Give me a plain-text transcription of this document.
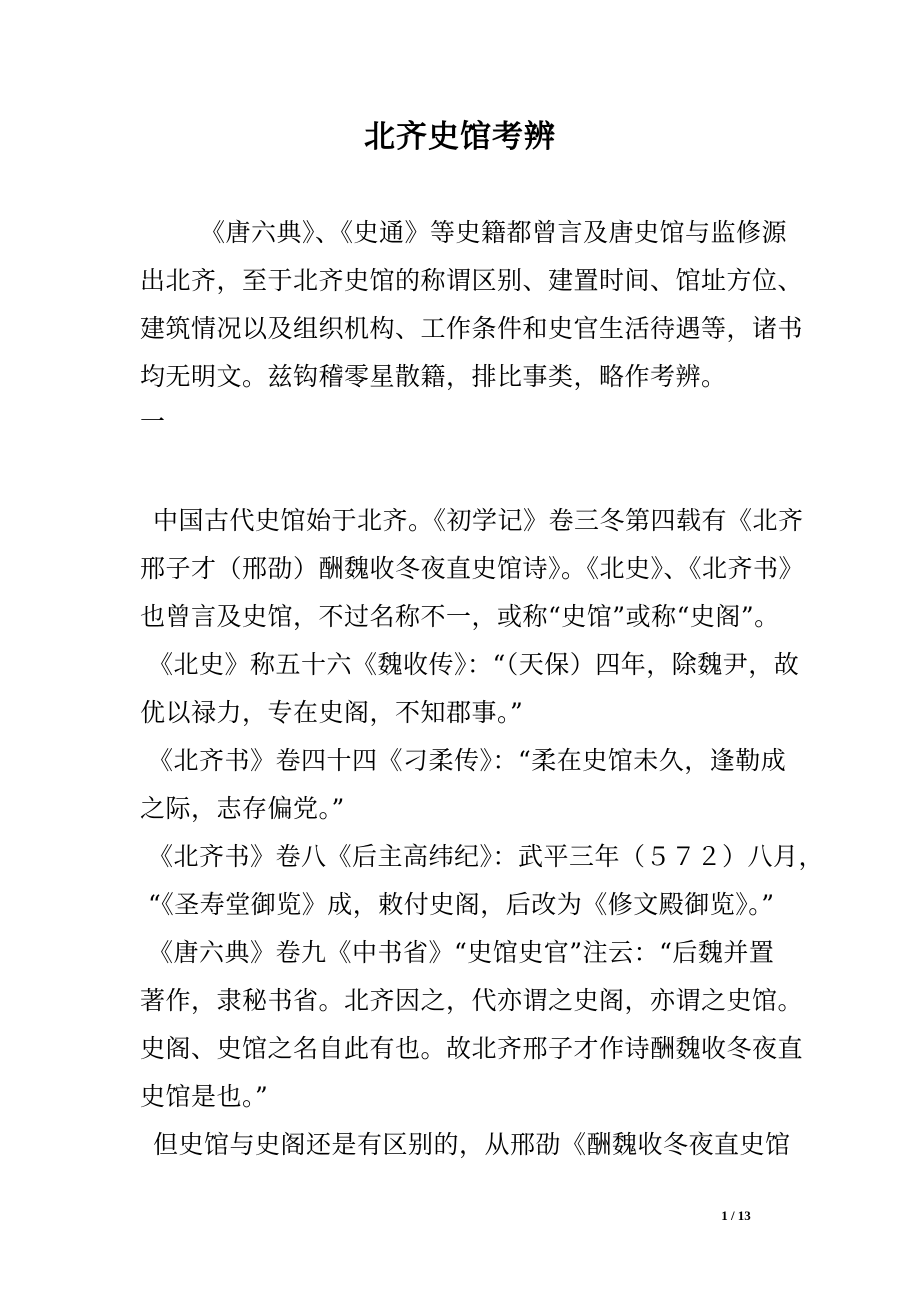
北齐史馆考辨
《唐六典》、《史通》等史籍都曾言及唐史馆与监修源
出北齐，至于北齐史馆的称谓区别、建置时间、馆址方位、
建筑情况以及组织机构、工作条件和史官生活待遇等，诸书
均无明文。兹钩稽零星散籍，排比事类，略作考辨。
一
中国古代史馆始于北齐。《初学记》卷三冬第四载有《北齐
邢子才（邢劭）酬魏收冬夜直史馆诗》。《北史》、《北齐书》
也曾言及史馆，不过名称不一，或称“史馆”或称“史阁”。
《北史》称五十六《魏收传》：“（天保）四年，除魏尹，故
优以禄力，专在史阁，不知郡事。”
《北齐书》卷四十四《刁柔传》：“柔在史馆未久，逢勒成
之际，志存偏党。”
《北齐书》卷八《后主高纬纪》：武平三年（５７２）八月，
“《圣寿堂御览》成，敕付史阁，后改为《修文殿御览》。”
《唐六典》卷九《中书省》“史馆史官”注云：“后魏并置
著作，隶秘书省。北齐因之，代亦谓之史阁，亦谓之史馆。
史阁、史馆之名自此有也。故北齐邢子才作诗酬魏收冬夜直
史馆是也。”
但史馆与史阁还是有区别的，从邢劭《酬魏收冬夜直史馆
1 / 13
